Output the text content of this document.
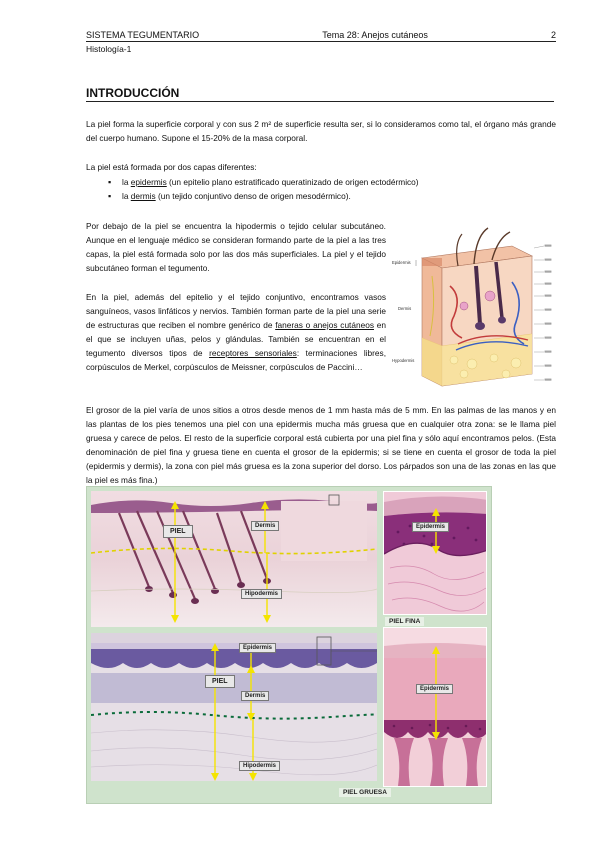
SISTEMA TEGUMENTARIO	Tema 28: Anejos cutáneos	2
Histología-1
INTRODUCCIÓN

La piel forma la superficie corporal y con sus 2 m² de superficie resulta ser, si lo consideramos como tal, el órgano más grande del cuerpo humano. Supone el 15-20% de la masa corporal.

La piel está formada por dos capas diferentes:

▪ la epidermis (un epitelio plano estratificado queratinizado de origen ectodérmico)
▪ la dermis (un tejido conjuntivo denso de origen mesodérmico).

Por debajo de la piel se encuentra la hipodermis o tejido celular subcutáneo. Aunque en el lenguaje médico se consideran formando parte de la piel a las tres capas, la piel está formada solo por las dos más superficiales. La piel y el tejido subcutáneo forman el tegumento.

En la piel, además del epitelio y el tejido conjuntivo, encontramos vasos sanguíneos, vasos linfáticos y nervios. También forman parte de la piel una serie de estructuras que reciben el nombre genérico de faneras o anejos cutáneos en el que se incluyen uñas, pelos y glándulas. También se encuentran en el tegumento diversos tipos de receptores sensoriales: terminaciones libres, corpúsculos de Merkel, corpúsculos de Meissner, corpúsculos de Paccini…

Epidermis
Dermis
Hypodermis

El grosor de la piel varía de unos sitios a otros desde menos de 1 mm hasta más de 5 mm. En las palmas de las manos y en las plantas de los pies tenemos una piel con una epidermis mucha más gruesa que en cualquier otra zona: se le llama piel gruesa y carece de pelos. El resto de la superficie corporal está cubierta por una piel fina y sólo aquí encontramos pelos. (Esta denominación de piel fina y gruesa tiene en cuenta el grosor de la epidermis; si se tiene en cuenta el grosor de toda la piel (epidermis y dermis), la zona con piel más gruesa es la zona superior del dorso. Los párpados son una de las zonas en las que la piel es más fina.)

PIEL
Dermis
Hipodermis
Epidermis
PIEL FINA
Epidermis
PIEL
Dermis
Hipodermis
Epidermis
PIEL GRUESA
